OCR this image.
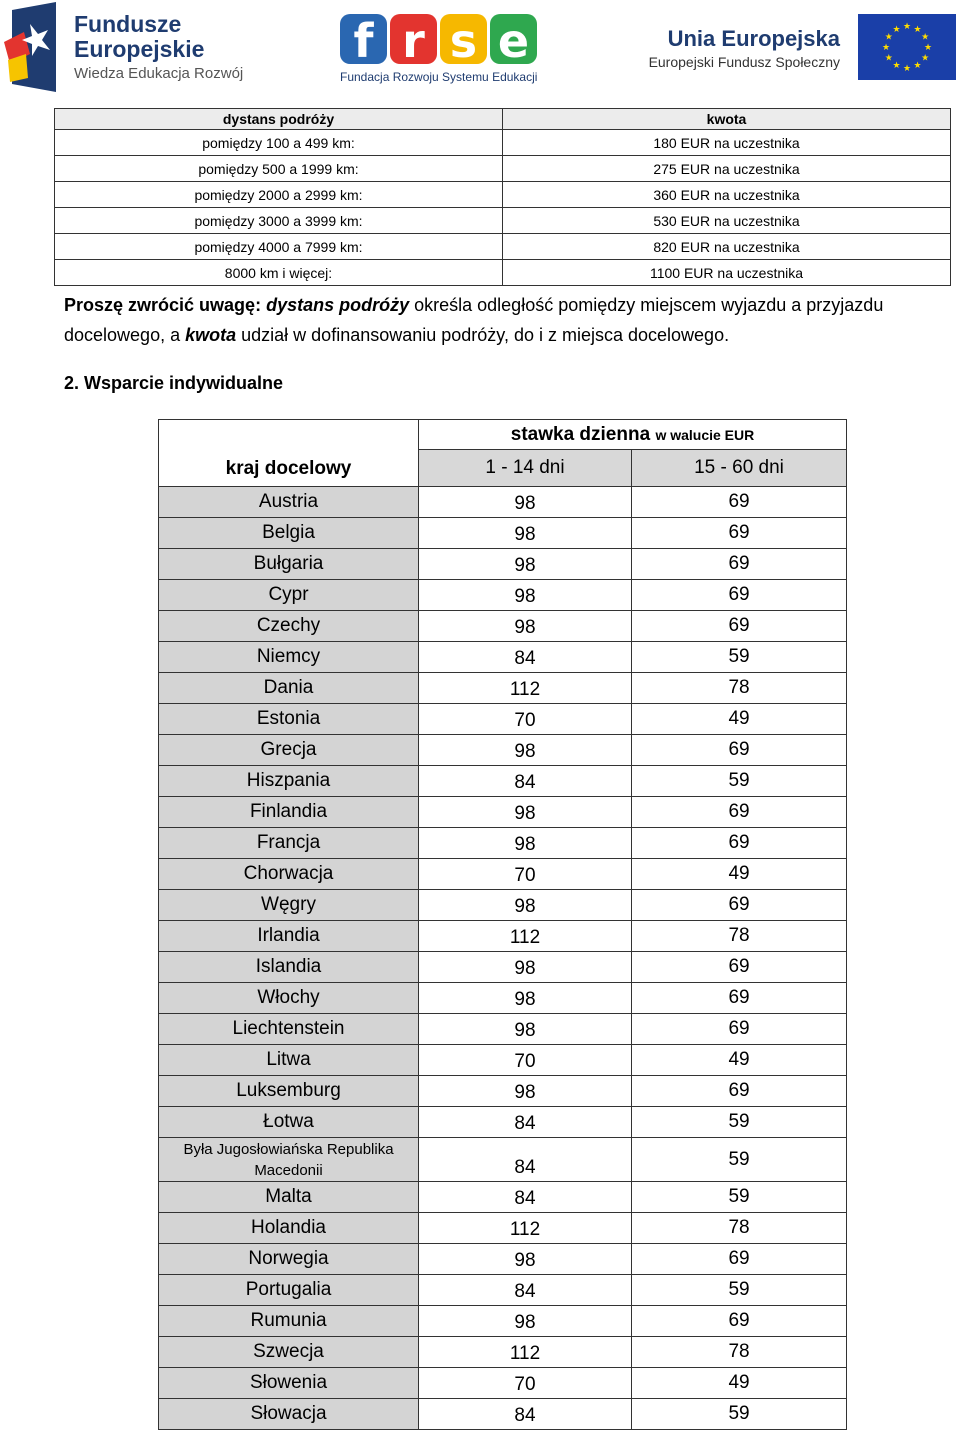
Fundusze
Europejskie
Wiedza Edukacja Rozwój
f r s e
Fundacja Rozwoju Systemu Edukacji
Unia Europejska
Europejski Fundusz Społeczny
★ ★
★
★
★
★
★
★
★
★
★
★
dystans podróży	kwota
pomiędzy 100 a 499 km:	180 EUR na uczestnika
pomiędzy 500 a 1999 km:	275 EUR na uczestnika
pomiędzy 2000 a 2999 km:	360 EUR na uczestnika
pomiędzy 3000 a 3999 km:	530 EUR na uczestnika
pomiędzy 4000 a 7999 km:	820 EUR na uczestnika
8000 km i więcej:	1100 EUR na uczestnika

Proszę zwrócić uwagę: dystans podróży określa odległość pomiędzy miejscem wyjazdu a przyjazdu docelowego, a kwota udział w dofinansowaniu podróży, do i z miejsca docelowego.

2. Wsparcie indywidualne
	stawka dzienna w walucie EUR	
kraj docelowy	1 - 14 dni	15 - 60 dni
Austria	98	69
Belgia	98	69
Bułgaria	98	69
Cypr	98	69
Czechy	98	69
Niemcy	84	59
Dania	112	78
Estonia	70	49
Grecja	98	69
Hiszpania	84	59
Finlandia	98	69
Francja	98	69
Chorwacja	70	49
Węgry	98	69
Irlandia	112	78
Islandia	98	69
Włochy	98	69
Liechtenstein	98	69
Litwa	70	49
Luksemburg	98	69
Łotwa	84	59
Była Jugosłowiańska Republika Macedonii	84	59
Malta	84	59
Holandia	112	78
Norwegia	98	69
Portugalia	84	59
Rumunia	98	69
Szwecja	112	78
Słowenia	70	49
Słowacja	84	59
